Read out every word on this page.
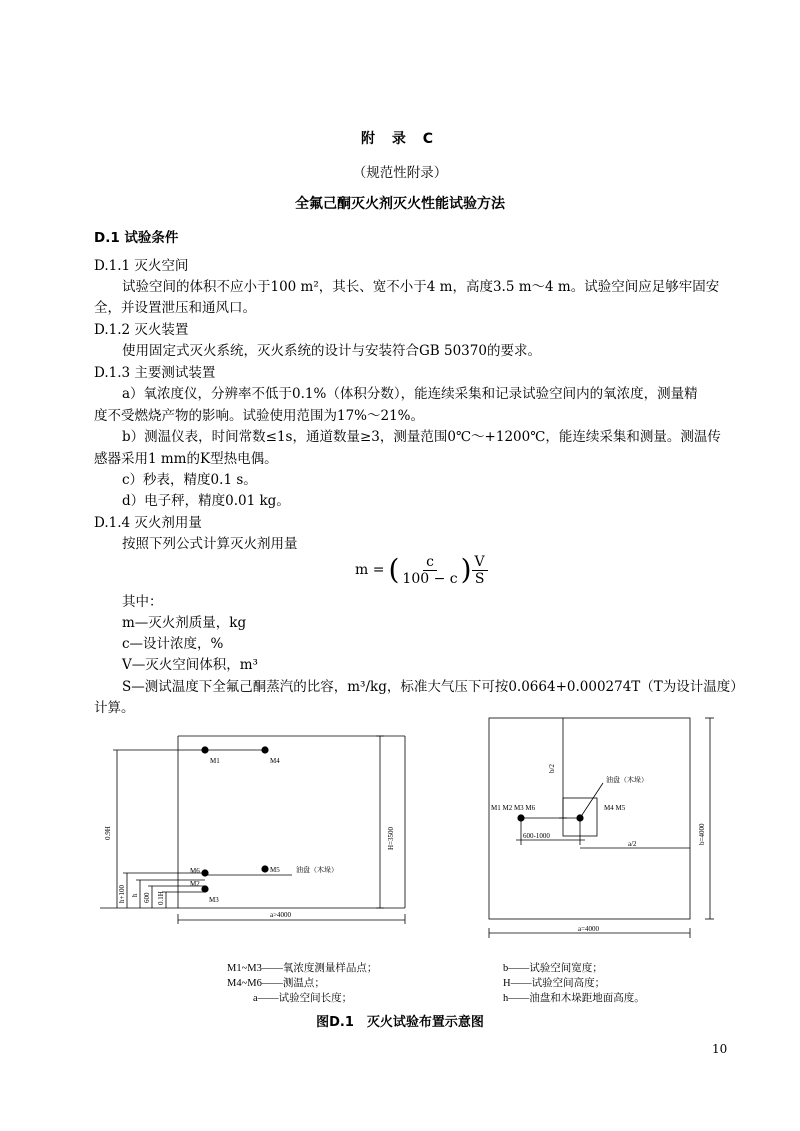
附 录 C
（规范性附录）
全氟己酮灭火剂灭火性能试验方法
D.1 试验条件
D.1.1 灭火空间
试验空间的体积不应小于100 m²，其长、宽不小于4 m，高度3.5 m～4 m。试验空间应足够牢固安
全，并设置泄压和通风口。
D.1.2 灭火装置
使用固定式灭火系统，灭火系统的设计与安装符合GB 50370的要求。
D.1.3 主要测试装置
a）氧浓度仪，分辨率不低于0.1%（体积分数），能连续采集和记录试验空间内的氧浓度，测量精
度不受燃烧产物的影响。试验使用范围为17%～21%。
b）测温仪表，时间常数≤1s，通道数量≥3，测量范围0℃～+1200℃，能连续采集和测量。测温传
感器采用1 mm的K型热电偶。
c）秒表，精度0.1 s。
d）电子秤，精度0.01 kg。
D.1.4 灭火剂用量
按照下列公式计算灭火剂用量
m = ( $\frac{c}{100 - c}$ ) $\frac{V}{S}$
其中：
m—灭火剂质量，kg
c—设计浓度，%
V—灭火空间体积，m³
S—测试温度下全氟己酮蒸汽的比容，m³/kg，标准大气压下可按0.0664+0.000274T（T为设计温度）
计算。
M1	M4
M6
M2
M3
M5 油盘（木垛）
H=3500
0.9H
h+100 h 600 0.1H
a>4000
b/2
油盘（木垛）
M4 M5
M1 M2 M3 M6
600-1000
a/2	b=4000
a=4000
M1~M3——氧浓度测量样品点；
M4~M6——测温点；
a——试验空间长度；
b——试验空间宽度；
H——试验空间高度；
h——油盘和木垛距地面高度。
图D.1　灭火试验布置示意图
10
